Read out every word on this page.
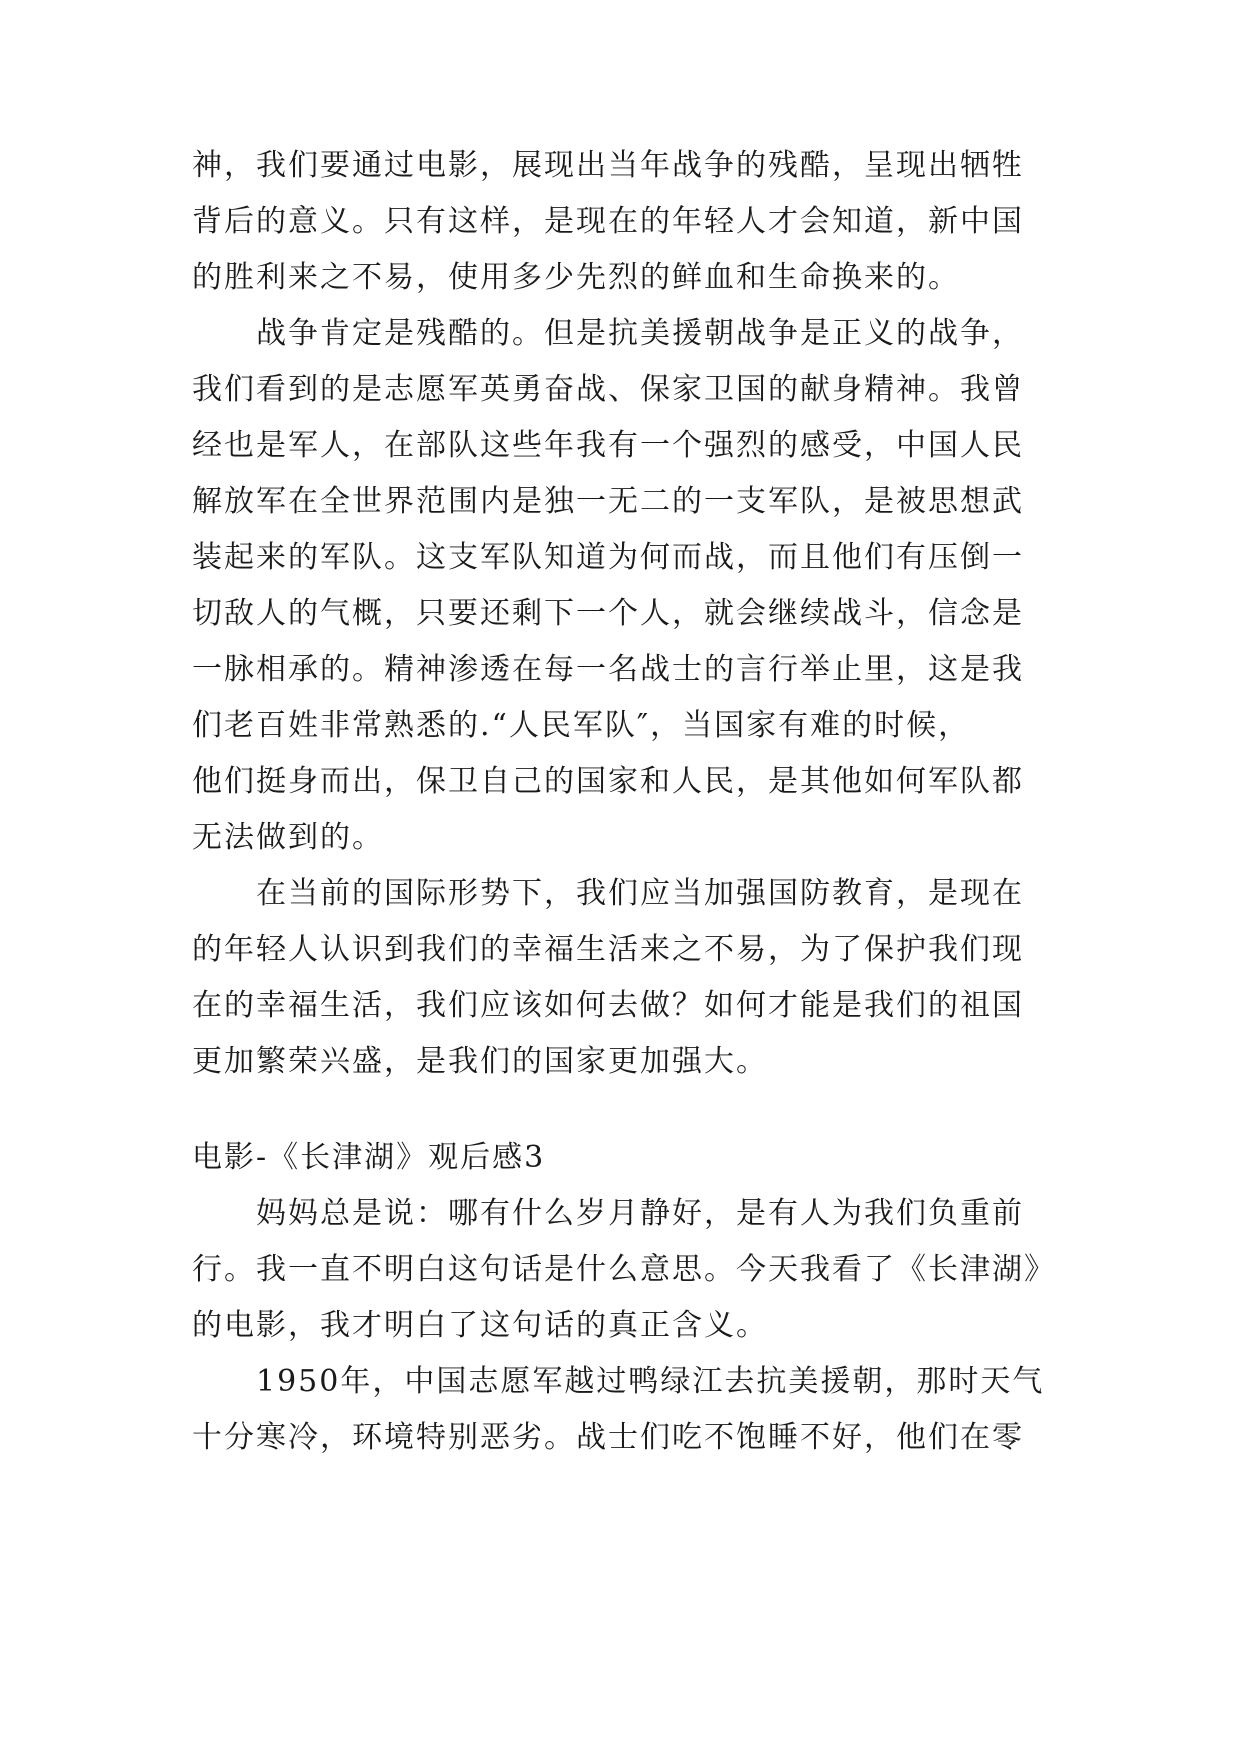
神，我们要通过电影，展现出当年战争的残酷，呈现出牺牲
背后的意义。只有这样，是现在的年轻人才会知道，新中国
的胜利来之不易，使用多少先烈的鲜血和生命换来的。
战争肯定是残酷的。但是抗美援朝战争是正义的战争，
我们看到的是志愿军英勇奋战、保家卫国的献身精神。我曾
经也是军人，在部队这些年我有一个强烈的感受，中国人民
解放军在全世界范围内是独一无二的一支军队，是被思想武
装起来的军队。这支军队知道为何而战，而且他们有压倒一
切敌人的气概，只要还剩下一个人，就会继续战斗，信念是
一脉相承的。精神渗透在每一名战士的言行举止里，这是我
们老百姓非常熟悉的.“人民军队″，当国家有难的时候，
他们挺身而出，保卫自己的国家和人民，是其他如何军队都
无法做到的。
在当前的国际形势下，我们应当加强国防教育，是现在
的年轻人认识到我们的幸福生活来之不易，为了保护我们现
在的幸福生活，我们应该如何去做？如何才能是我们的祖国
更加繁荣兴盛，是我们的国家更加强大。
电影-《长津湖》观后感3
妈妈总是说：哪有什么岁月静好，是有人为我们负重前
行。我一直不明白这句话是什么意思。今天我看了《长津湖》
的电影，我才明白了这句话的真正含义。
1950年，中国志愿军越过鸭绿江去抗美援朝，那时天气
十分寒冷，环境特别恶劣。战士们吃不饱睡不好，他们在零
